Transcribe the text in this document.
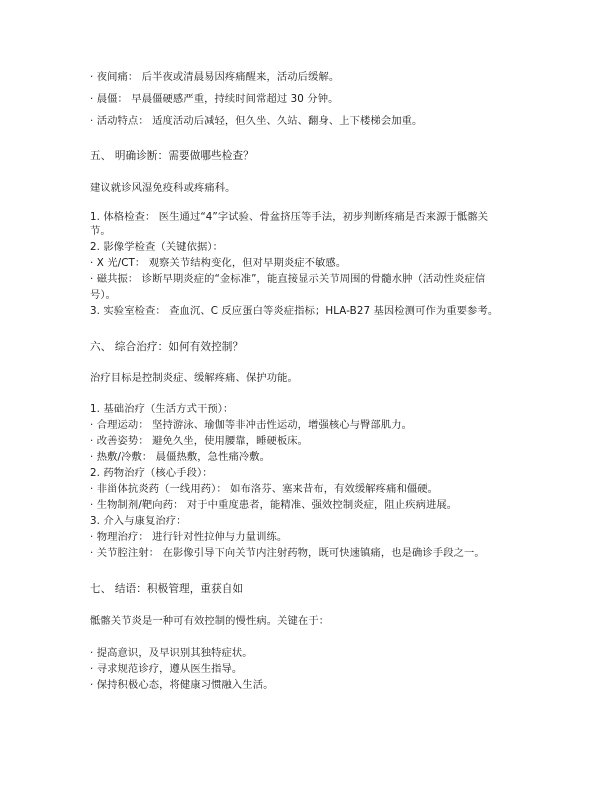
· 夜间痛： 后半夜或清晨易因疼痛醒来，活动后缓解。

· 晨僵： 早晨僵硬感严重，持续时间常超过 30 分钟。

· 活动特点： 适度活动后减轻，但久坐、久站、翻身、上下楼梯会加重。

五、 明确诊断：需要做哪些检查？

建议就诊风湿免疫科或疼痛科。

1. 体格检查： 医生通过“4”字试验、骨盆挤压等手法，初步判断疼痛是否来源于骶髂关

节。

2. 影像学检查（关键依据）：

· X 光/CT： 观察关节结构变化，但对早期炎症不敏感。

· 磁共振： 诊断早期炎症的“金标准”，能直接显示关节周围的骨髓水肿（活动性炎症信

号）。

3. 实验室检查： 查血沉、C 反应蛋白等炎症指标；HLA-B27 基因检测可作为重要参考。

六、 综合治疗：如何有效控制？

治疗目标是控制炎症、缓解疼痛、保护功能。

1. 基础治疗（生活方式干预）：

· 合理运动： 坚持游泳、瑜伽等非冲击性运动，增强核心与臀部肌力。

· 改善姿势： 避免久坐，使用腰靠，睡硬板床。

· 热敷/冷敷： 晨僵热敷，急性痛冷敷。

2. 药物治疗（核心手段）：

· 非甾体抗炎药（一线用药）： 如布洛芬、塞来昔布，有效缓解疼痛和僵硬。

· 生物制剂/靶向药： 对于中重度患者，能精准、强效控制炎症，阻止疾病进展。

3. 介入与康复治疗：

· 物理治疗： 进行针对性拉伸与力量训练。

· 关节腔注射： 在影像引导下向关节内注射药物，既可快速镇痛，也是确诊手段之一。

七、 结语：积极管理，重获自如

骶髂关节炎是一种可有效控制的慢性病。关键在于：

· 提高意识，及早识别其独特症状。

· 寻求规范诊疗，遵从医生指导。

· 保持积极心态，将健康习惯融入生活。
